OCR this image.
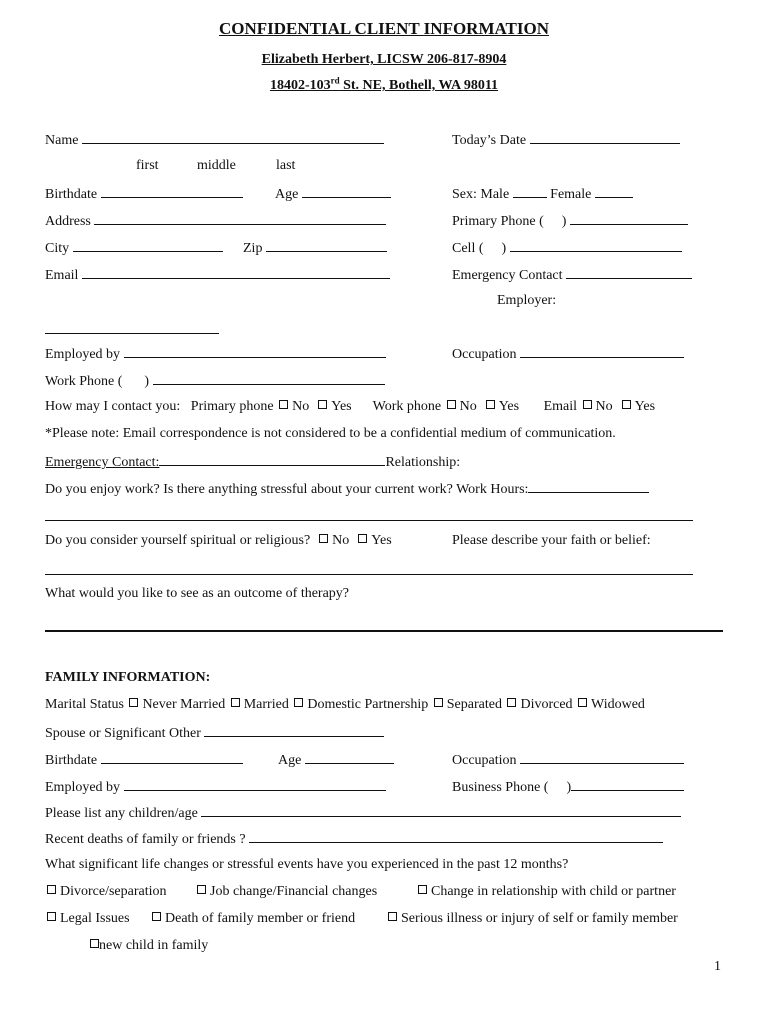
CONFIDENTIAL CLIENT INFORMATION
Elizabeth Herbert, LICSW 206-817-8904
18402-103rd St. NE, Bothell, WA 98011
Name	Today’s Date
first	middle	last
Birthdate	Age	Sex: Male	Female
Address	Primary Phone ( )
City	Zip	Cell ( )
Email	Emergency Contact
Employer:
Employed by	Occupation
Work Phone ( )
How may I contact you: Primary phone No Yes Work phone No Yes Email No Yes
*Please note: Email correspondence is not considered to be a confidential medium of communication.
Emergency Contact:	Relationship:
Do you enjoy work? Is there anything stressful about your current work? Work Hours:
Do you consider yourself spiritual or religious? No Yes	Please describe your faith or belief:
What would you like to see as an outcome of therapy?
FAMILY INFORMATION:
Marital Status Never Married Married Domestic Partnership Separated Divorced Widowed
Spouse or Significant Other
Birthdate	Age	Occupation
Employed by	Business Phone ( )
Please list any children/age
Recent deaths of family or friends ?
What significant life changes or stressful events have you experienced in the past 12 months?
Divorce/separation	Job change/Financial changes	Change in relationship with child or partner
Legal Issues	Death of family member or friend	Serious illness or injury of self or family member
new child in family
1
